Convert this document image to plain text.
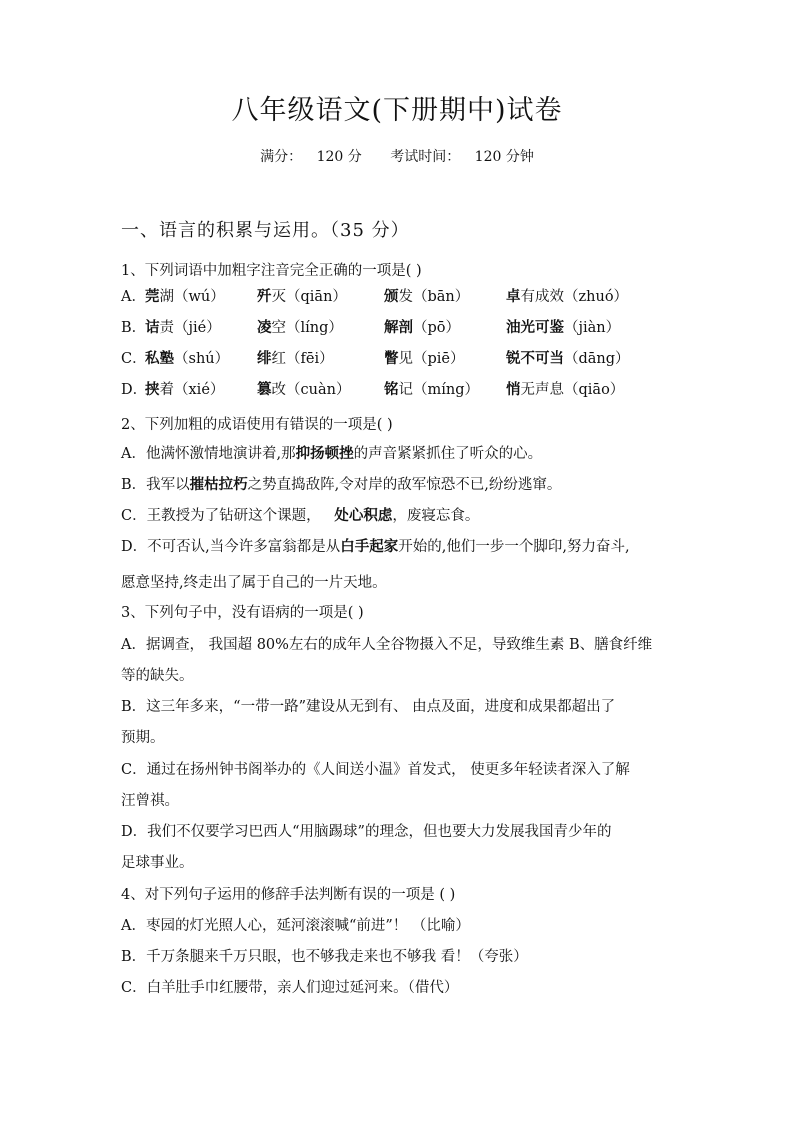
八年级语文(下册期中)试卷
满分： 120 分 考试时间： 120 分钟
一、语言的积累与运用。（35 分）
1、下列词语中加粗字注音完全正确的一项是( )
A． 莞湖（wú） 歼灭（qiān）	颁发（bān）	卓有成效（zhuó）
B．
诘责（jié）	凌空（líng）	解剖（pō）	油光可鉴（jiàn）
C．
私塾（shú） 绯红（fēi）	瞥见（piē）	锐不可当（dāng）
D．
挟着（xié） 篡改（cuàn） 铭记（míng） 悄无声息（qiāo）
2、下列加粗的成语使用有错误的一项是( )
A．他满怀激情地演讲着,那抑扬顿挫的声音紧紧抓住了听众的心。
B．我军以摧枯拉朽之势直捣敌阵,令对岸的敌军惊恐不已,纷纷逃窜。
C．王教授为了钻研这个课题，   处心积虑，废寝忘食。
D．不可否认,当今许多富翁都是从白手起家开始的,他们一步一个脚印,努力奋斗,
愿意坚持,终走出了属于自己的一片天地。
3、下列句子中，没有语病的一项是( )
A．据调查， 我国超 80%左右的成年人全谷物摄入不足，导致维生素 B、膳食纤维
等的缺失。
B．这三年多来，“一带一路”建设从无到有、 由点及面，进度和成果都超出了
预期。
C．通过在扬州钟书阁举办的《人间送小温》首发式， 使更多年轻读者深入了解
汪曾祺。
D．我们不仅要学习巴西人“用脑踢球”的理念，但也要大力发展我国青少年的
足球事业。
4、对下列句子运用的修辞手法判断有误的一项是 ( )
A．枣园的灯光照人心，延河滚滚喊“前进”！ （比喻）
B．千万条腿来千万只眼，也不够我走来也不够我 看！（夸张）
C．白羊肚手巾红腰带，亲人们迎过延河来。（借代）
